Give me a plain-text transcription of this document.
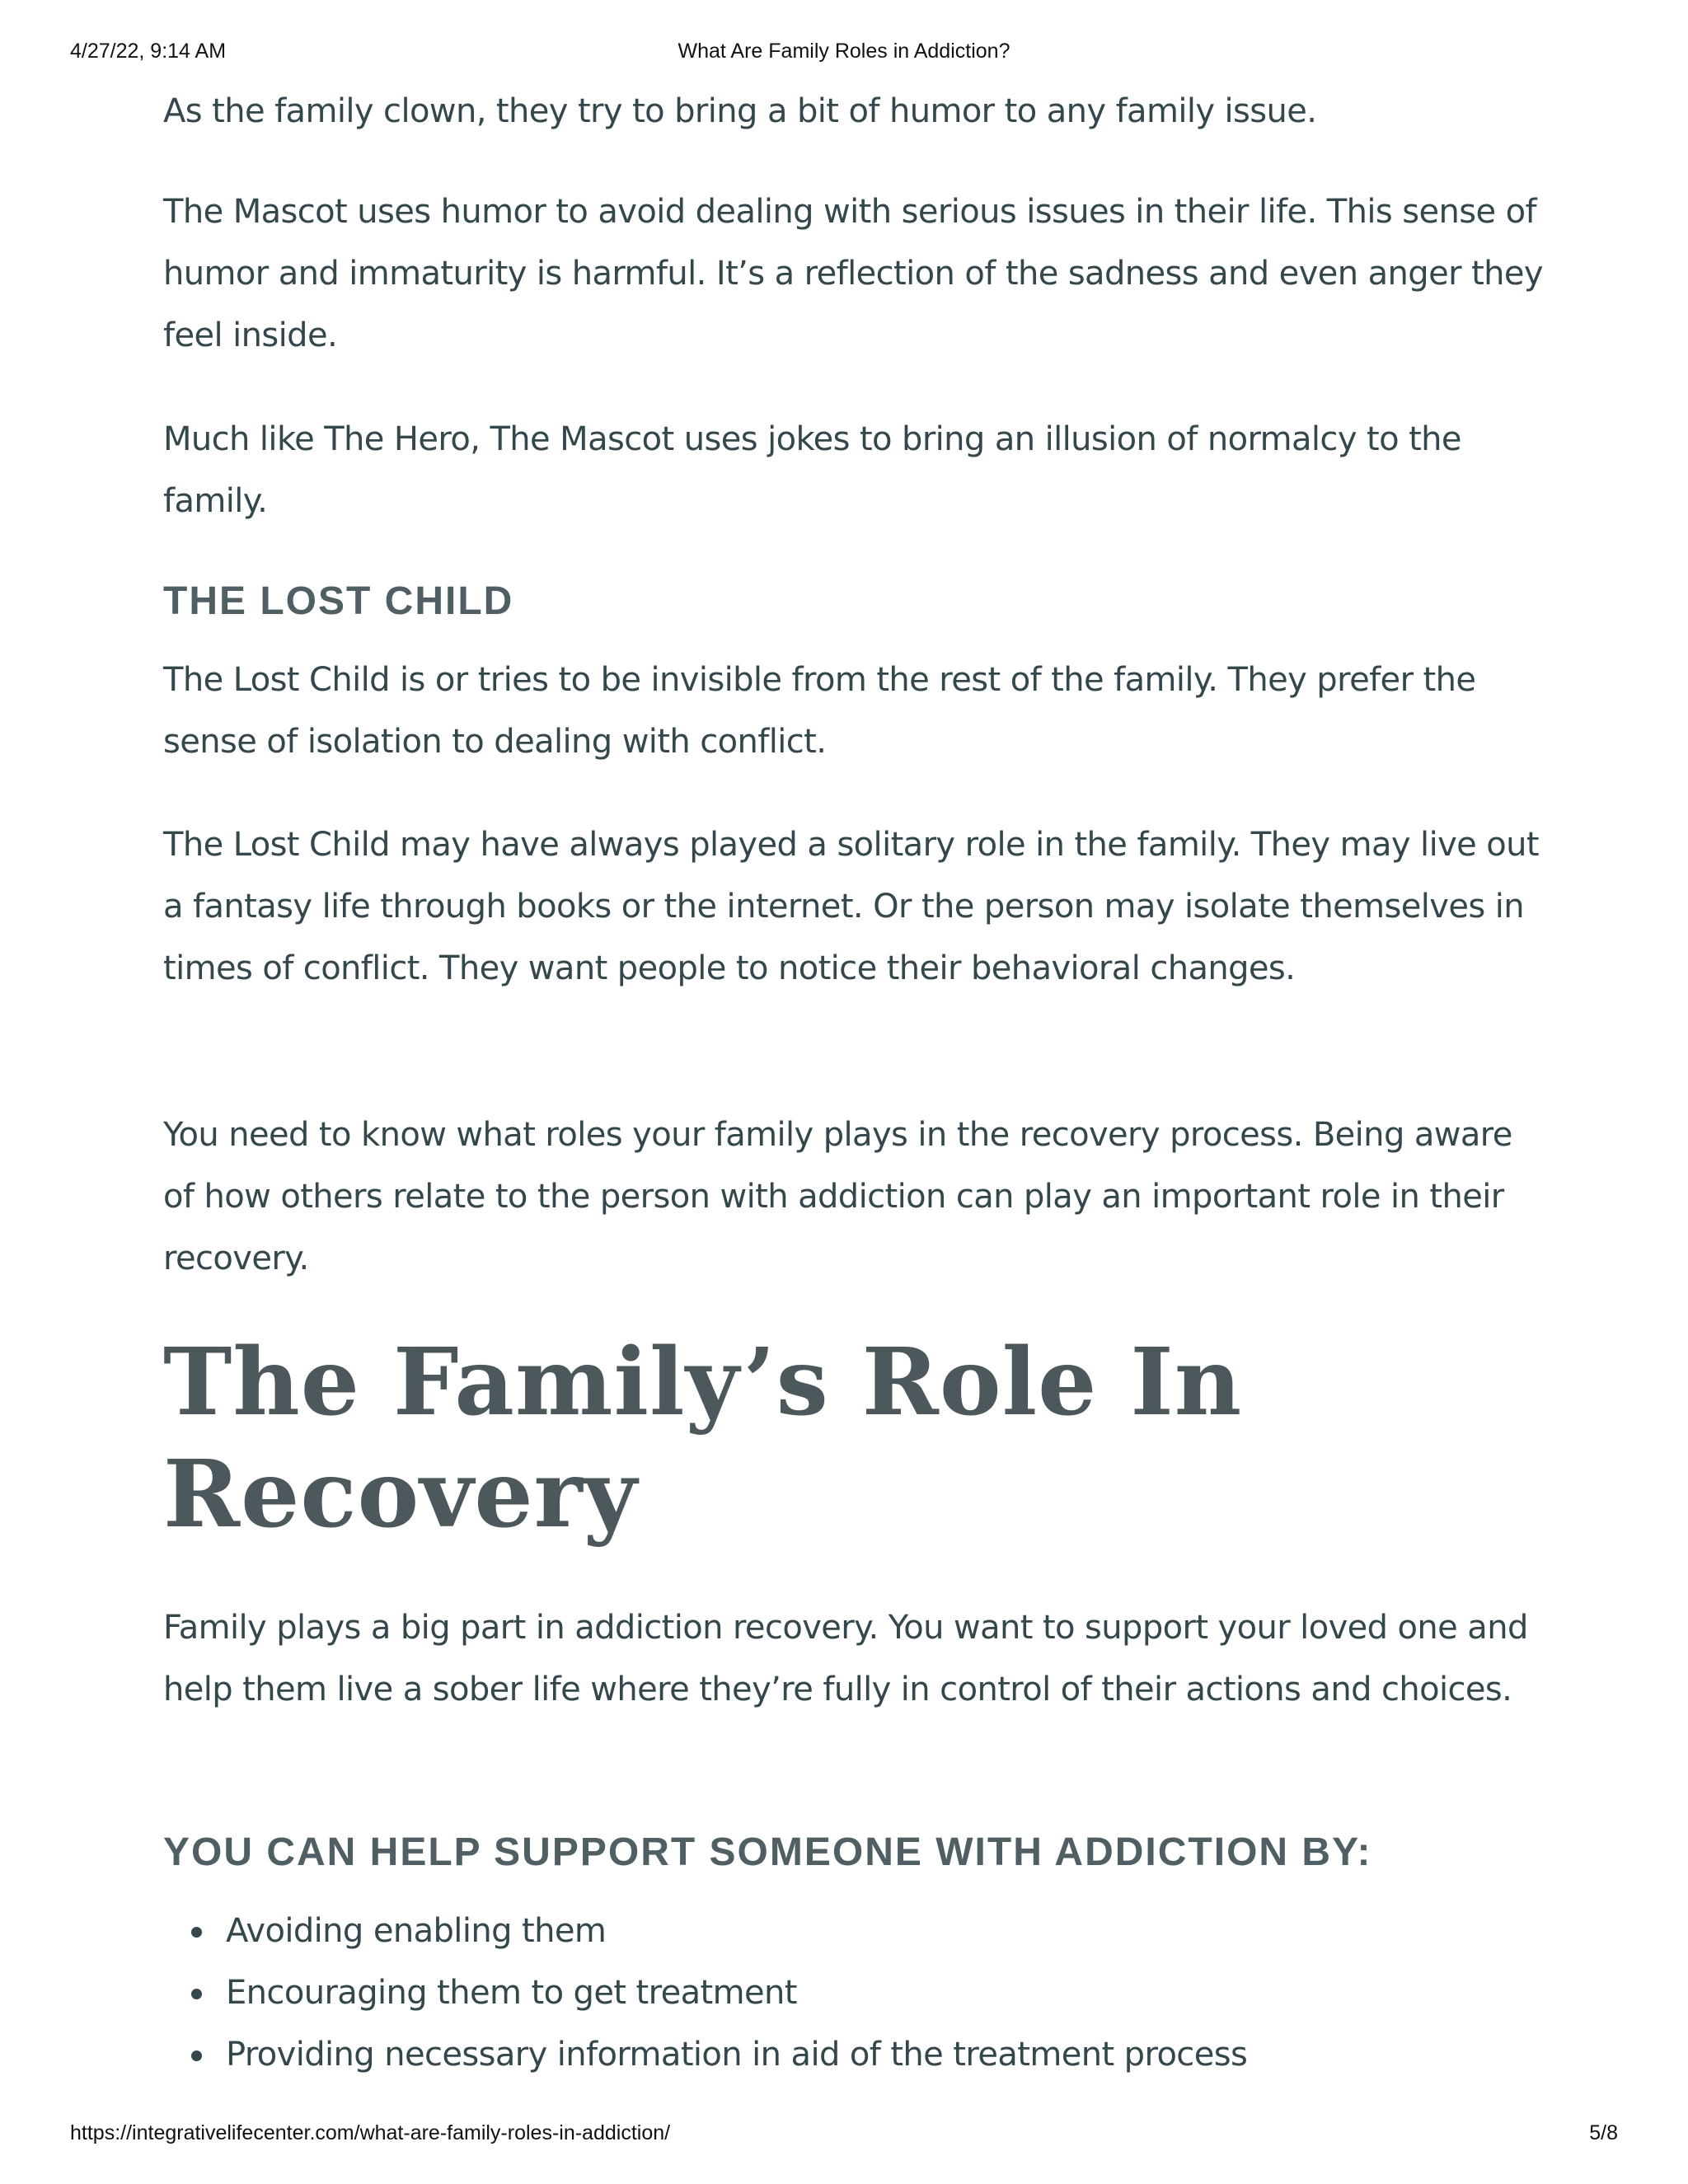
4/27/22, 9:14 AM	What Are Family Roles in Addiction?

As the family clown, they try to bring a bit of humor to any family issue.

The Mascot uses humor to avoid dealing with serious issues in their life. This sense of humor and immaturity is harmful. It’s a reflection of the sadness and even anger they feel inside.

Much like The Hero, The Mascot uses jokes to bring an illusion of normalcy to the family.

THE LOST CHILD

The Lost Child is or tries to be invisible from the rest of the family. They prefer the sense of isolation to dealing with conflict.

The Lost Child may have always played a solitary role in the family. They may live out a fantasy life through books or the internet. Or the person may isolate themselves in times of conflict. They want people to notice their behavioral changes.

You need to know what roles your family plays in the recovery process. Being aware of how others relate to the person with addiction can play an important role in their recovery.

The Family’s Role In Recovery

Family plays a big part in addiction recovery. You want to support your loved one and help them live a sober life where they’re fully in control of their actions and choices.

YOU CAN HELP SUPPORT SOMEONE WITH ADDICTION BY:
Avoiding enabling them
Encouraging them to get treatment
Providing necessary information in aid of the treatment process
https://integrativelifecenter.com/what-are-family-roles-in-addiction/	5/8
